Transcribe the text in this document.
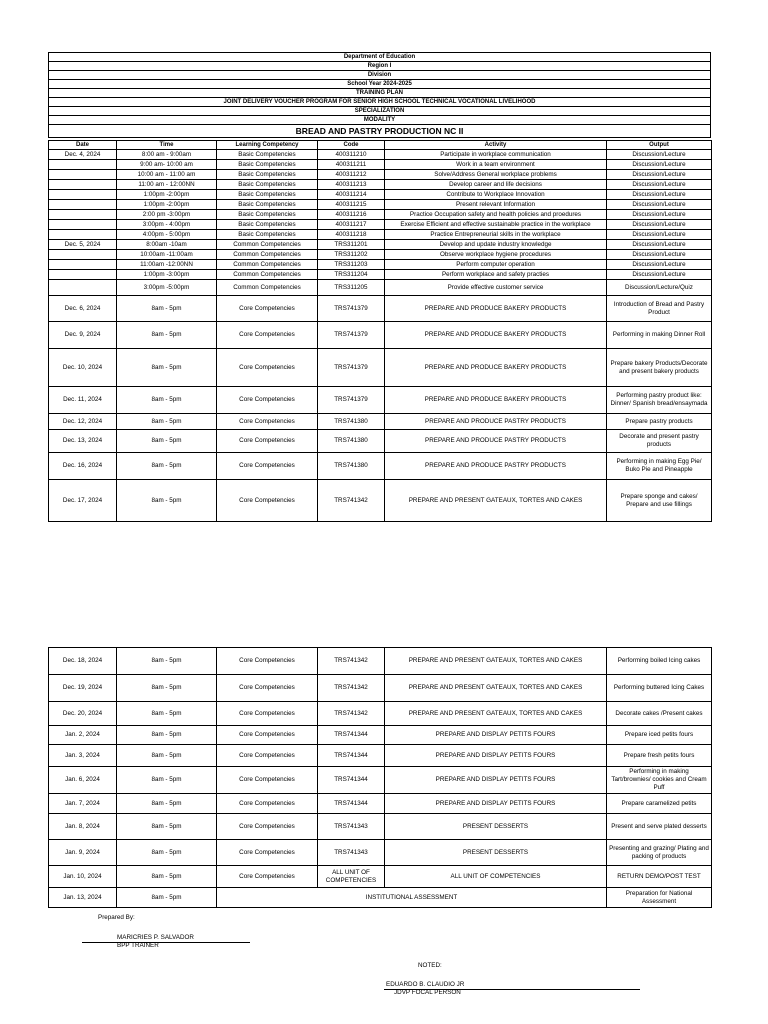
Department of Education
Region I
Division
School Year 2024-2025
TRAINING PLAN
JOINT DELIVERY VOUCHER PROGRAM FOR SENIOR HIGH SCHOOL TECHNICAL VOCATIONAL LIVELIHOOD
SPECIALIZATION
MODALITY
BREAD AND PASTRY PRODUCTION NC II
Date	Time	Learning Competency	Code	Activity	Output
Dec. 4, 2024	8:00 am - 9:00am	Basic Competencies	400311210	Participate in workplace communication	Discussion/Lecture
	9:00 am- 10:00 am	Basic Competencies	400311211	Work in a team environment	Discussion/Lecture
	10:00 am - 11:00 am	Basic Competencies	400311212	Solve/Address General workplace problems	Discussion/Lecture
	11:00 am - 12:00NN	Basic Competencies	400311213	Develop career and life decisions	Discussion/Lecture
	1:00pm -2:00pm	Basic Competencies	400311214	Contribute to Workplace Innovation	Discussion/Lecture
	1:00pm -2:00pm	Basic Competencies	400311215	Present relevant Information	Discussion/Lecture
	2:00 pm -3:00pm	Basic Competencies	400311216	Practice Occupation safety and health policies and proedures	Discussion/Lecture
	3:00pm - 4:00pm	Basic Competencies	400311217	Exercise Efficient and effective sustainable practice in the workplace	Discussion/Lecture
	4:00pm - 5:00pm	Basic Competencies	400311218	Practice Entrepreneurial skills in the workplace	Discussion/Lecture
Dec. 5, 2024	8:00am -10am	Common Competencies	TRS311201	Develop and update industry knowledge	Discussion/Lecture
	10:00am -11:00am	Common Competencies	TRS311202	Observe workplace hygiene procedures	Discussion/Lecture
	11:00am -12:00NN	Common Competencies	TRS311203	Perform computer operation	Discussion/Lecture
	1:00pm -3:00pm	Common Competencies	TRS311204	Perform workplace and safety practies	Discussion/Lecture
	3:00pm -5:00pm	Common Competencies	TRS311205	Provide effective customer service	Discussion/Lecture/Quiz
Dec. 6, 2024	8am - 5pm	Core Competencies	TRS741379	PREPARE AND PRODUCE BAKERY PRODUCTS	Introduction of Bread and Pastry Product
Dec. 9, 2024	8am - 5pm	Core Competencies	TRS741379	PREPARE AND PRODUCE BAKERY PRODUCTS	Performing in making Dinner Roll
Dec. 10, 2024	8am - 5pm	Core Competencies	TRS741379	PREPARE AND PRODUCE BAKERY PRODUCTS	Prepare bakery Products/Decorate and present bakery products
Dec. 11, 2024	8am - 5pm	Core Competencies	TRS741379	PREPARE AND PRODUCE BAKERY PRODUCTS	Performing pastry product like: Dinner/ Spanish bread/ensaymada
Dec. 12, 2024	8am - 5pm	Core Competencies	TRS741380	PREPARE AND PRODUCE PASTRY PRODUCTS	Prepare pastry products
Dec. 13, 2024	8am - 5pm	Core Competencies	TRS741380	PREPARE AND PRODUCE PASTRY PRODUCTS	Decorate and present pastry products
Dec. 16, 2024	8am - 5pm	Core Competencies	TRS741380	PREPARE AND PRODUCE PASTRY PRODUCTS	Performing in making Egg Pie/ Buko Pie and Pineapple
Dec. 17, 2024	8am - 5pm	Core Competencies	TRS741342	PREPARE AND PRESENT GATEAUX, TORTES AND CAKES	Prepare sponge and cakes/ Prepare and use fillings
Dec. 18, 2024	8am - 5pm	Core Competencies	TRS741342	PREPARE AND PRESENT GATEAUX, TORTES AND CAKES	Performing boiled Icing cakes
Dec. 19, 2024	8am - 5pm	Core Competencies	TRS741342	PREPARE AND PRESENT GATEAUX, TORTES AND CAKES	Performing buttered Icing Cakes
Dec. 20, 2024	8am - 5pm	Core Competencies	TRS741342	PREPARE AND PRESENT GATEAUX, TORTES AND CAKES	Decorate cakes /Present cakes
Jan. 2, 2024	8am - 5pm	Core Competencies	TRS741344	PREPARE AND DISPLAY PETITS FOURS	Prepare iced petits fours
Jan. 3, 2024	8am - 5pm	Core Competencies	TRS741344	PREPARE AND DISPLAY PETITS FOURS	Prepare fresh petits fours
Jan. 6, 2024	8am - 5pm	Core Competencies	TRS741344	PREPARE AND DISPLAY PETITS FOURS	Performing in making Tart/brownies/ cookies and Cream Puff
Jan. 7, 2024	8am - 5pm	Core Competencies	TRS741344	PREPARE AND DISPLAY PETITS FOURS	Prepare caramelized petits
Jan. 8, 2024	8am - 5pm	Core Competencies	TRS741343	PRESENT DESSERTS	Present and serve plated desserts
Jan. 9, 2024	8am - 5pm	Core Competencies	TRS741343	PRESENT DESSERTS	Presenting and grazing/ Plating and packing of products
Jan. 10, 2024	8am - 5pm	Core Competencies	ALL UNIT OF COMPETENCIES	ALL UNIT OF COMPETENCIES	RETURN DEMO/POST TEST
Jan. 13, 2024	8am - 5pm	INSTITUTIONAL ASSESSMENT			Preparation for National Assessment
Prepared By:
MARICRIES P. SALVADOR
BPP TRAINER
NOTED:
EDUARDO B. CLAUDIO JR
JDVP FOCAL PERSON
